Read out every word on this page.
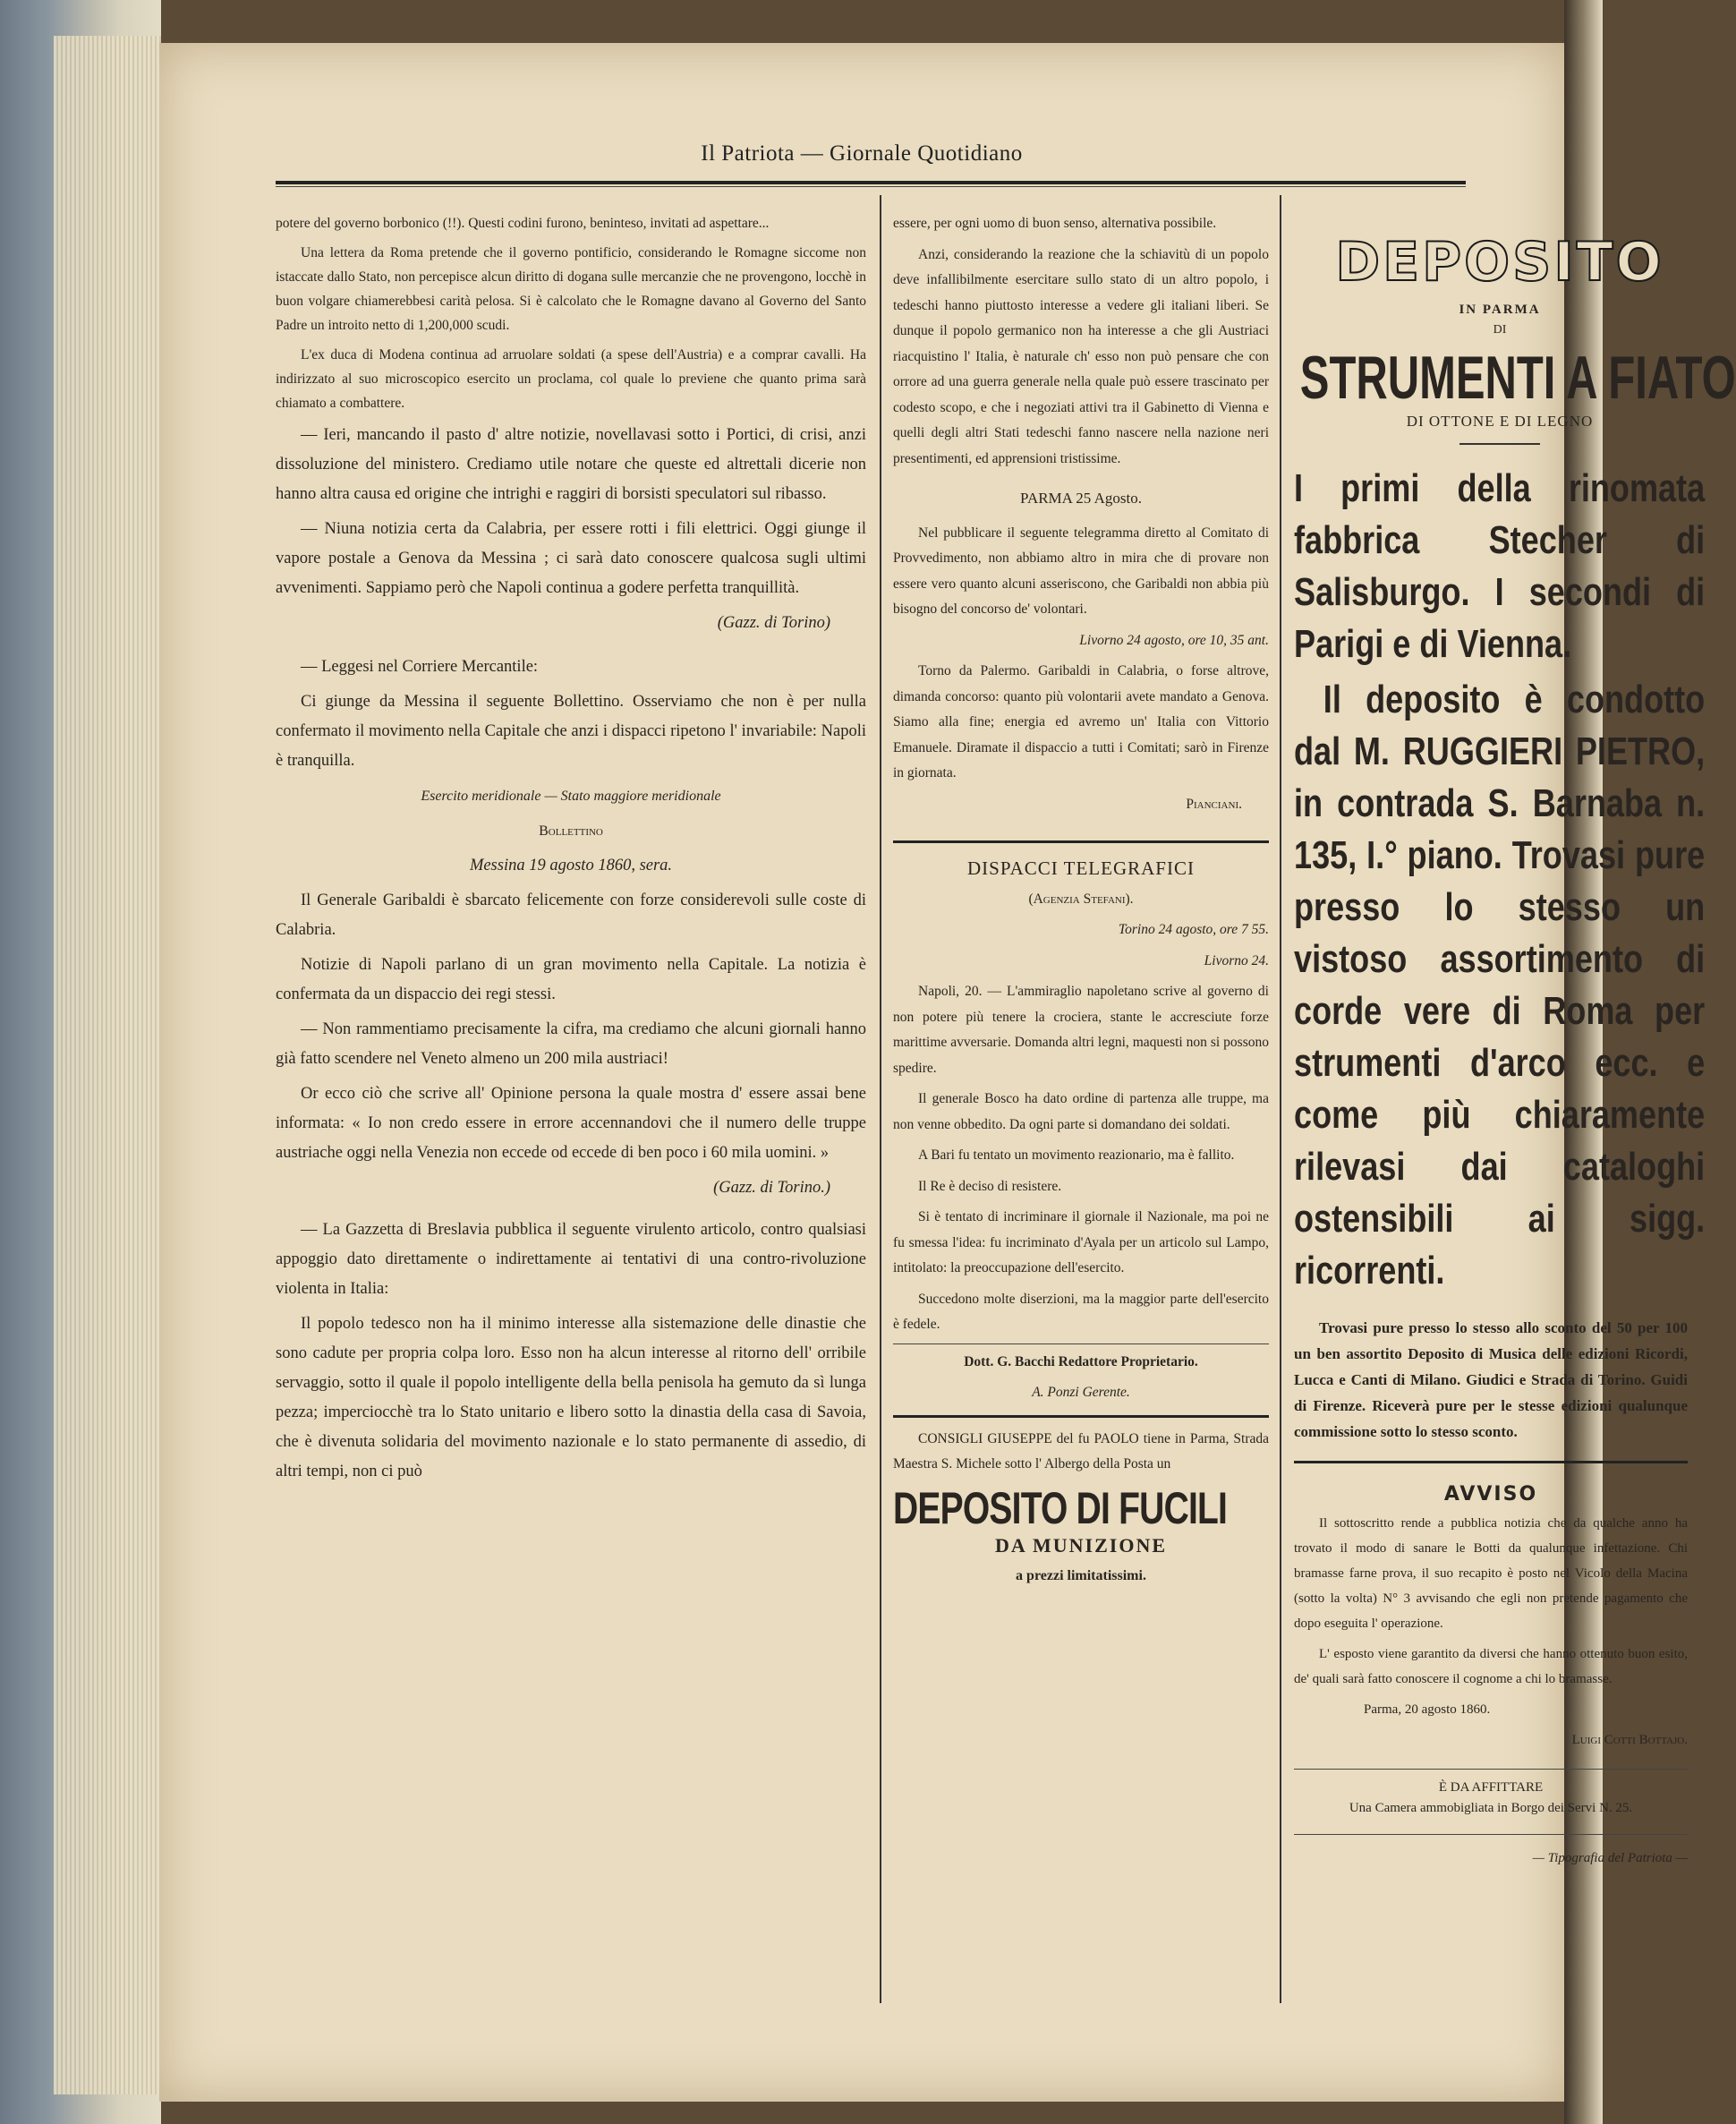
Il Patriota — Giornale Quotidiano

potere del governo borbonico (!!). Questi codini furono, beninteso, invitati ad aspettare...

Una lettera da Roma pretende che il governo pontificio, considerando le Romagne siccome non istaccate dallo Stato, non percepisce alcun diritto di dogana sulle mercanzie che ne provengono, locchè in buon volgare chiamerebbesi carità pelosa. Si è calcolato che le Romagne davano al Governo del Santo Padre un introito netto di 1,200,000 scudi.

L'ex duca di Modena continua ad arruolare soldati (a spese dell'Austria) e a comprar cavalli. Ha indirizzato al suo microscopico esercito un proclama, col quale lo previene che quanto prima sarà chiamato a combattere.

— Ieri, mancando il pasto d' altre notizie, novellavasi sotto i Portici, di crisi, anzi dissoluzione del ministero. Crediamo utile notare che queste ed altrettali dicerie non hanno altra causa ed origine che intrighi e raggiri di borsisti speculatori sul ribasso.

— Niuna notizia certa da Calabria, per essere rotti i fili elettrici. Oggi giunge il vapore postale a Genova da Messina ; ci sarà dato conoscere qualcosa sugli ultimi avvenimenti. Sappiamo però che Napoli continua a godere perfetta tranquillità.

(Gazz. di Torino)

— Leggesi nel Corriere Mercantile:

Ci giunge da Messina il seguente Bollettino. Osserviamo che non è per nulla confermato il movimento nella Capitale che anzi i dispacci ripetono l' invariabile: Napoli è tranquilla.

Esercito meridionale — Stato maggiore meridionale

Bollettino

Messina 19 agosto 1860, sera.

Il Generale Garibaldi è sbarcato felicemente con forze considerevoli sulle coste di Calabria.

Notizie di Napoli parlano di un gran movimento nella Capitale. La notizia è confermata da un dispaccio dei regi stessi.

— Non rammentiamo precisamente la cifra, ma crediamo che alcuni giornali hanno già fatto scendere nel Veneto almeno un 200 mila austriaci!

Or ecco ciò che scrive all' Opinione persona la quale mostra d' essere assai bene informata: « Io non credo essere in errore accennandovi che il numero delle truppe austriache oggi nella Venezia non eccede od eccede di ben poco i 60 mila uomini. »

(Gazz. di Torino.)

— La Gazzetta di Breslavia pubblica il seguente virulento articolo, contro qualsiasi appoggio dato direttamente o indirettamente ai tentativi di una contro-rivoluzione violenta in Italia:

Il popolo tedesco non ha il minimo interesse alla sistemazione delle dinastie che sono cadute per propria colpa loro. Esso non ha alcun interesse al ritorno dell' orribile servaggio, sotto il quale il popolo intelligente della bella penisola ha gemuto da sì lunga pezza; imperciocchè tra lo Stato unitario e libero sotto la dinastia della casa di Savoia, che è divenuta solidaria del movimento nazionale e lo stato permanente di assedio, di altri tempi, non ci può

essere, per ogni uomo di buon senso, alternativa possibile.

Anzi, considerando la reazione che la schiavitù di un popolo deve infallibilmente esercitare sullo stato di un altro popolo, i tedeschi hanno piuttosto interesse a vedere gli italiani liberi. Se dunque il popolo germanico non ha interesse a che gli Austriaci riacquistino l' Italia, è naturale ch' esso non può pensare che con orrore ad una guerra generale nella quale può essere trascinato per codesto scopo, e che i negoziati attivi tra il Gabinetto di Vienna e quelli degli altri Stati tedeschi fanno nascere nella nazione neri presentimenti, ed apprensioni tristissime.

PARMA 25 Agosto.

Nel pubblicare il seguente telegramma diretto al Comitato di Provvedimento, non abbiamo altro in mira che di provare non essere vero quanto alcuni asseriscono, che Garibaldi non abbia più bisogno del concorso de' volontari.

Livorno 24 agosto, ore 10, 35 ant.

Torno da Palermo. Garibaldi in Calabria, o forse altrove, dimanda concorso: quanto più volontarii avete mandato a Genova. Siamo alla fine; energia ed avremo un' Italia con Vittorio Emanuele. Diramate il dispaccio a tutti i Comitati; sarò in Firenze in giornata.

Pianciani.

DISPACCI TELEGRAFICI

(Agenzia Stefani).

Torino 24 agosto, ore 7 55.

Livorno 24.

Napoli, 20. — L'ammiraglio napoletano scrive al governo di non potere più tenere la crociera, stante le accresciute forze marittime avversarie. Domanda altri legni, maquesti non si possono spedire.

Il generale Bosco ha dato ordine di partenza alle truppe, ma non venne obbedito. Da ogni parte si domandano dei soldati.

A Bari fu tentato un movimento reazionario, ma è fallito.

Il Re è deciso di resistere.

Si è tentato di incriminare il giornale il Nazionale, ma poi ne fu smessa l'idea: fu incriminato d'Ayala per un articolo sul Lampo, intitolato: la preoccupazione dell'esercito.

Succedono molte diserzioni, ma la maggior parte dell'esercito è fedele.

Dott. G. Bacchi Redattore Proprietario.

A. Ponzi Gerente.

CONSIGLI GIUSEPPE del fu PAOLO tiene in Parma, Strada Maestra S. Michele sotto l' Albergo della Posta un

DEPOSITO DI FUCILI

DA MUNIZIONE

a prezzi limitatissimi.

DEPOSITO

IN PARMA

DI

STRUMENTI A FIATO

DI OTTONE E DI LEGNO

I primi della rinomata fabbrica Stecher di Salisburgo. I secondi di Parigi e di Vienna.
Il deposito è condotto dal M. RUGGIERI PIETRO, in contrada S. Barnaba n. 135, I.° piano. Trovasi pure presso lo stesso un vistoso assortimento di corde vere di Roma per strumenti d'arco ecc. e come più chiaramente rilevasi dai cataloghi ostensibili ai sigg. ricorrenti.

Trovasi pure presso lo stesso allo sconto del 50 per 100 un ben assortito Deposito di Musica delle edizioni Ricordi, Lucca e Canti di Milano. Giudici e Strada di Torino. Guidi di Firenze. Riceverà pure per le stesse edizioni qualunque commissione sotto lo stesso sconto.

AVVISO

Il sottoscritto rende a pubblica notizia che da qualche anno ha trovato il modo di sanare le Botti da qualunque infettazione. Chi bramasse farne prova, il suo recapito è posto nel Vicolo della Macina (sotto la volta) N° 3 avvisando che egli non pretende pagamento che dopo eseguita l' operazione.

L' esposto viene garantito da diversi che hanno ottenuto buon esito, de' quali sarà fatto conoscere il cognome a chi lo bramasse.

Parma, 20 agosto 1860.

Luigi Cotti Bottajo.

È DA AFFITTARE

Una Camera ammobigliata in Borgo dei Servi N. 25.

— Tipografia del Patriota —
